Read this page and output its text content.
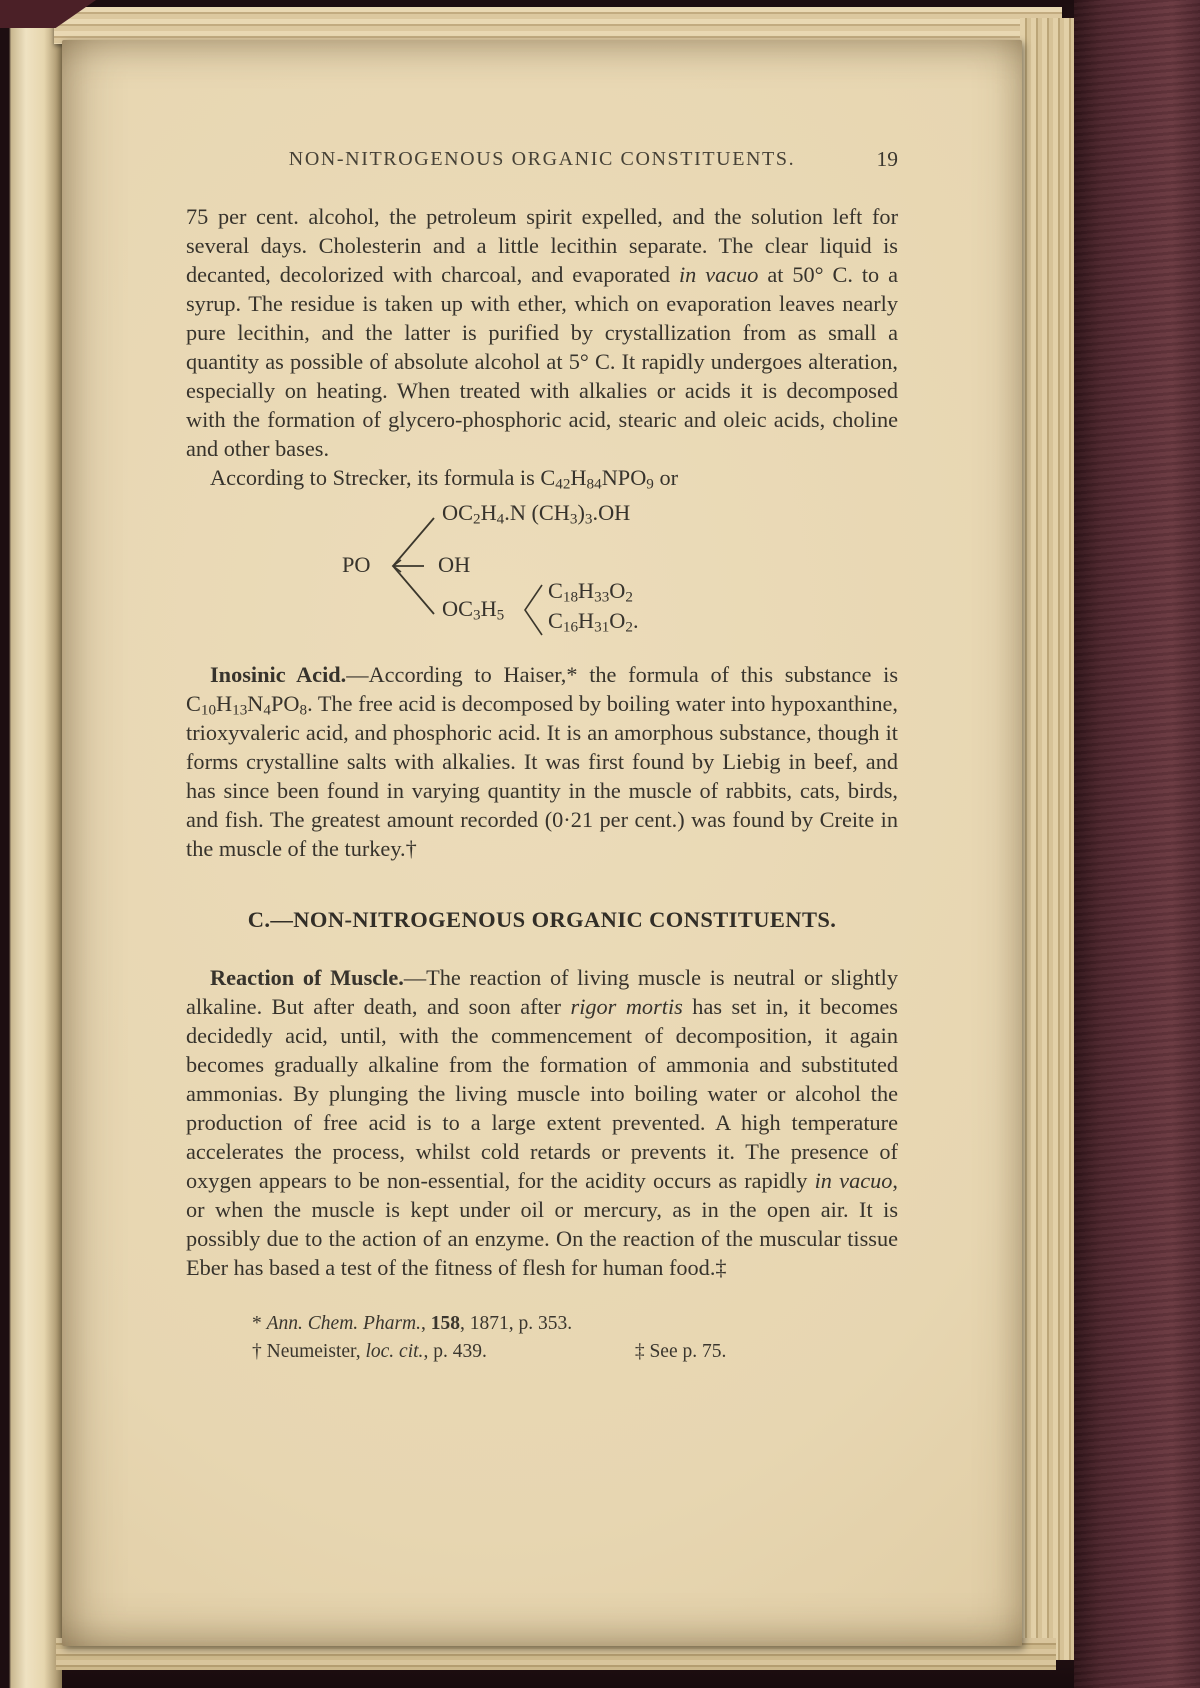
NON-NITROGENOUS ORGANIC CONSTITUENTS.	19

75 per cent. alcohol, the petroleum spirit expelled, and the solution left for several days. Cholesterin and a little lecithin separate. The clear liquid is decanted, decolorized with charcoal, and evaporated in vacuo at 50° C. to a syrup. The residue is taken up with ether, which on evaporation leaves nearly pure lecithin, and the latter is purified by crystallization from as small a quantity as possible of absolute alcohol at 5° C. It rapidly undergoes alteration, especially on heating. When treated with alkalies or acids it is decomposed with the formation of glycero-phosphoric acid, stearic and oleic acids, choline and other bases.

According to Strecker, its formula is $C_{42}H_{84}NPO_9$ or

PO
$OC_2H_4.N$ $(CH_3)_3.OH$
OH
$OC_3H_5$
$C_{18}H_{33}O_2$
$C_{16}H_{31}O_2$.

Inosinic Acid.—According to Haiser,* the formula of this substance is $C_{10}H_{13}N_4PO_8$. The free acid is decomposed by boiling water into hypoxanthine, trioxyvaleric acid, and phosphoric acid. It is an amorphous substance, though it forms crystalline salts with alkalies. It was first found by Liebig in beef, and has since been found in varying quantity in the muscle of rabbits, cats, birds, and fish. The greatest amount recorded (0·21 per cent.) was found by Creite in the muscle of the turkey.†

C.—NON-NITROGENOUS ORGANIC CONSTITUENTS.

Reaction of Muscle.—The reaction of living muscle is neutral or slightly alkaline. But after death, and soon after rigor mortis has set in, it becomes decidedly acid, until, with the commencement of decomposition, it again becomes gradually alkaline from the formation of ammonia and substituted ammonias. By plunging the living muscle into boiling water or alcohol the production of free acid is to a large extent prevented. A high temperature accelerates the process, whilst cold retards or prevents it. The presence of oxygen appears to be non-essential, for the acidity occurs as rapidly in vacuo, or when the muscle is kept under oil or mercury, as in the open air. It is possibly due to the action of an enzyme. On the reaction of the muscular tissue Eber has based a test of the fitness of flesh for human food.‡

* Ann. Chem. Pharm., 158, 1871, p. 353.

† Neumeister, loc. cit., p. 439.	‡ See p. 75.
